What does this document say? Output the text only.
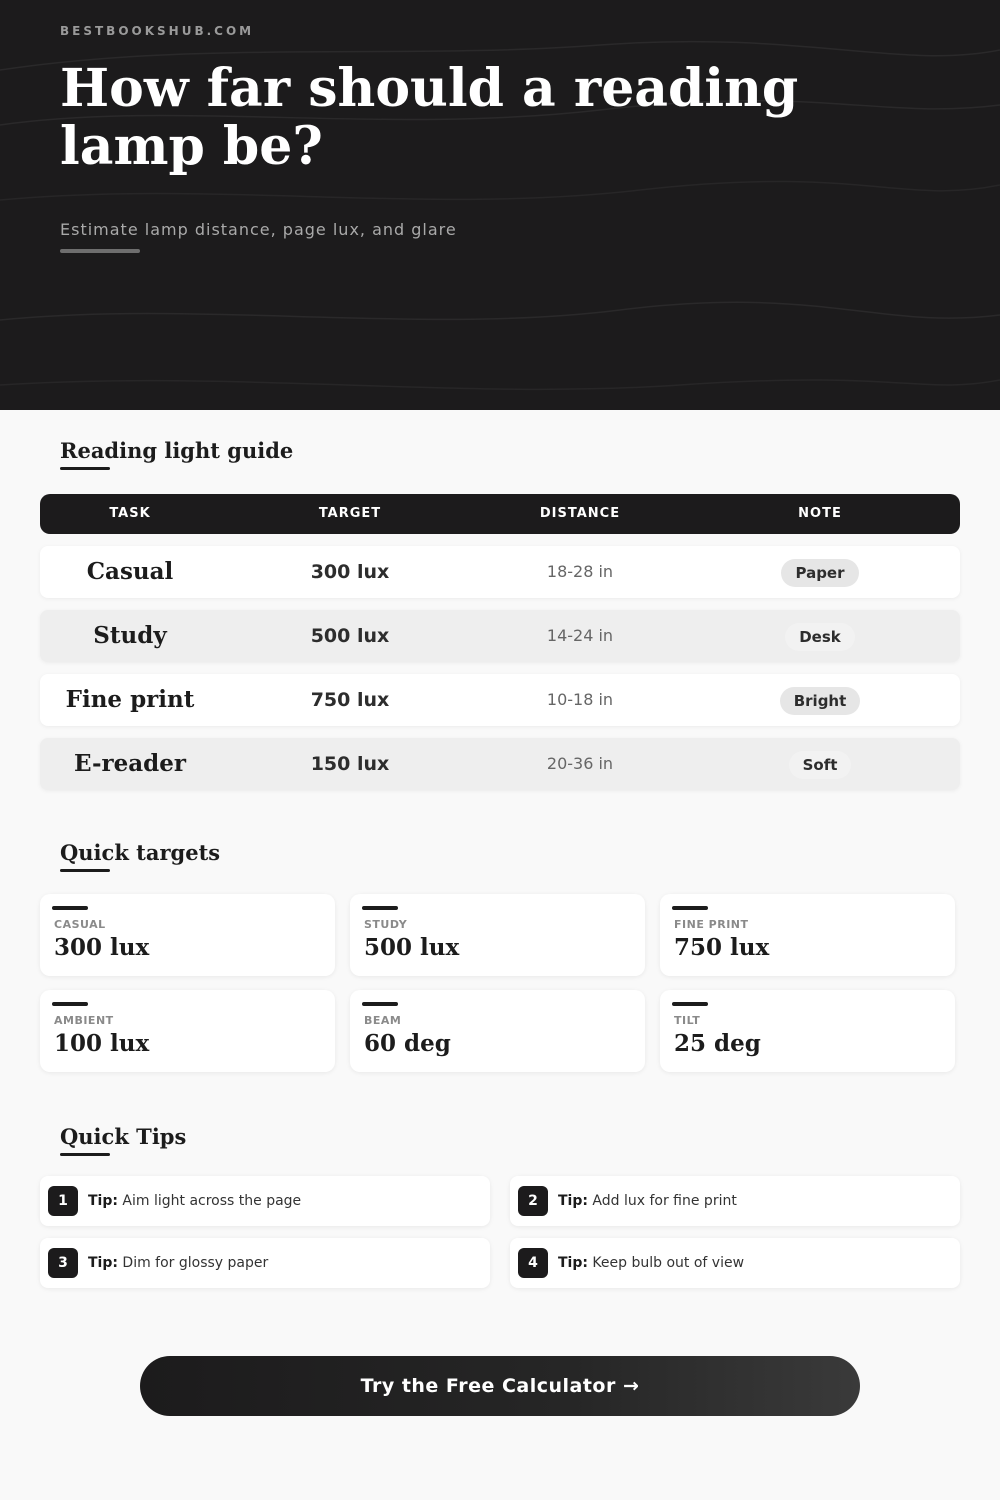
BESTBOOKSHUB.COM
How far should a reading lamp be?
Estimate lamp distance, page lux, and glare
Reading light guide
TASK	TARGET	DISTANCE	NOTE
Casual	300 lux	18-28 in	Paper
Study	500 lux	14-24 in	Desk
Fine print	750 lux	10-18 in	Bright
E-reader	150 lux	20-36 in	Soft
Quick targets
CASUAL
300 lux
STUDY
500 lux
FINE PRINT
750 lux
AMBIENT
100 lux
BEAM
60 deg
TILT
25 deg
Quick Tips
1	Tip: Aim light across the page	2	Tip: Add lux for fine print
3	Tip: Dim for glossy paper	4	Tip: Keep bulb out of view
Try the Free Calculator →
